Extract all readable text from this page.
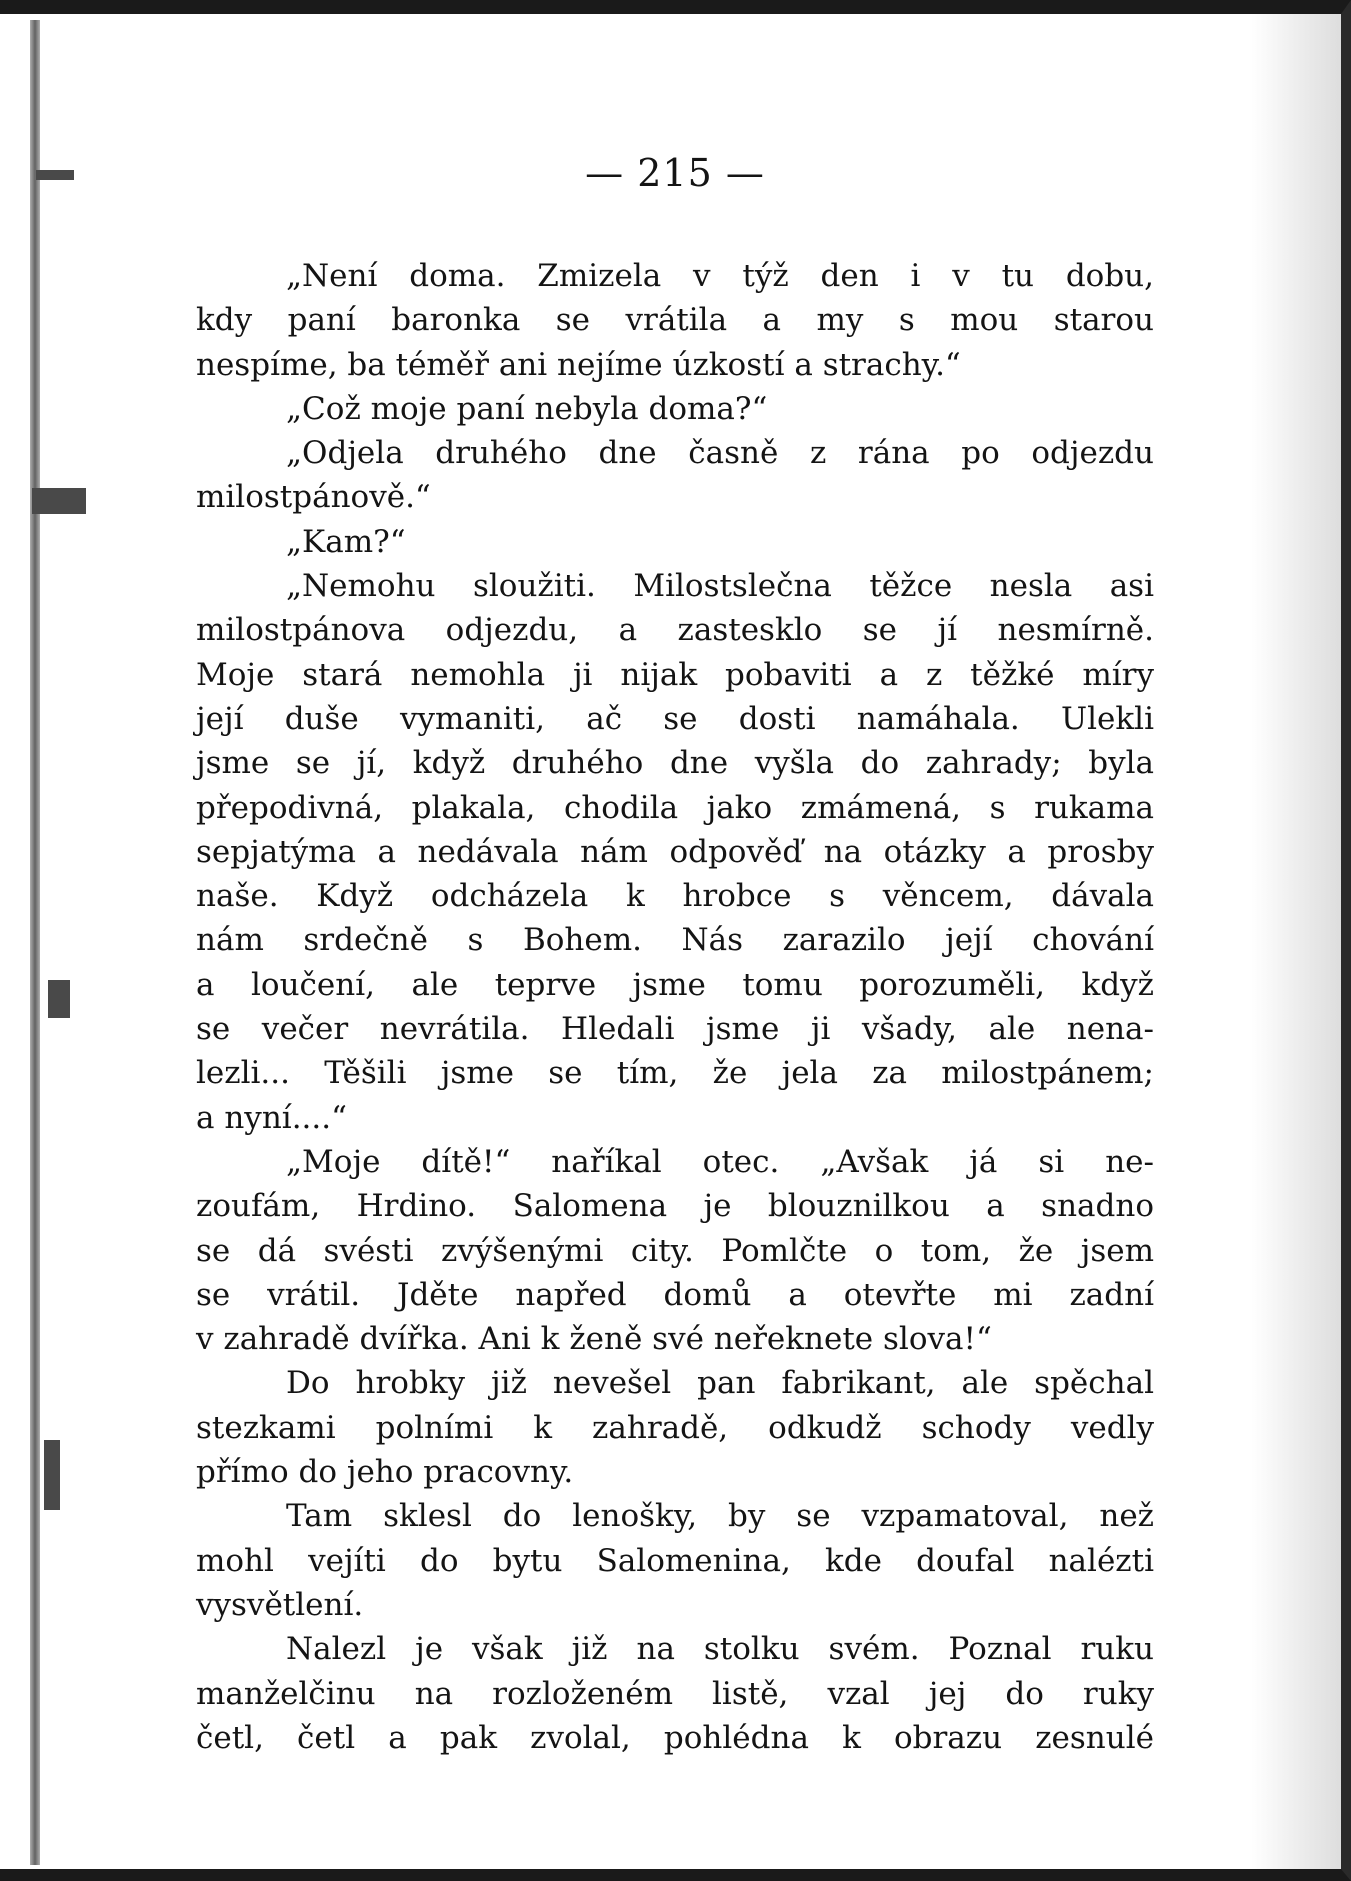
— 215 —
„Není doma. Zmizela v týž den i v tu dobu,
kdy paní baronka se vrátila a my s mou starou
nespíme, ba téměř ani nejíme úzkostí a strachy.“
„Což moje paní nebyla doma?“
„Odjela druhého dne časně z rána po odjezdu
milostpánově.“
„Kam?“
„Nemohu sloužiti. Milostslečna těžce nesla asi
milostpánova odjezdu, a zastesklo se jí nesmírně.
Moje stará nemohla ji nijak pobaviti a z těžké míry
její duše vymaniti, ač se dosti namáhala. Ulekli
jsme se jí, když druhého dne vyšla do zahrady; byla
přepodivná, plakala, chodila jako zmámená, s rukama
sepjatýma a nedávala nám odpověď na otázky a prosby
naše. Když odcházela k hrobce s věncem, dávala
nám srdečně s Bohem. Nás zarazilo její chování
a loučení, ale teprve jsme tomu porozuměli, když
se večer nevrátila. Hledali jsme ji všady, ale nena-
lezli... Těšili jsme se tím, že jela za milostpánem;
a nyní....“
„Moje dítě!“ naříkal otec. „Avšak já si ne-
zoufám, Hrdino. Salomena je blouznilkou a snadno
se dá svésti zvýšenými city. Pomlčte o tom, že jsem
se vrátil. Jděte napřed domů a otevřte mi zadní
v zahradě dvířka. Ani k ženě své neřeknete slova!“
Do hrobky již nevešel pan fabrikant, ale spěchal
stezkami polními k zahradě, odkudž schody vedly
přímo do jeho pracovny.
Tam sklesl do lenošky, by se vzpamatoval, než
mohl vejíti do bytu Salomenina, kde doufal nalézti
vysvětlení.
Nalezl je však již na stolku svém. Poznal ruku
manželčinu na rozloženém listě, vzal jej do ruky
četl, četl a pak zvolal, pohlédna k obrazu zesnulé
